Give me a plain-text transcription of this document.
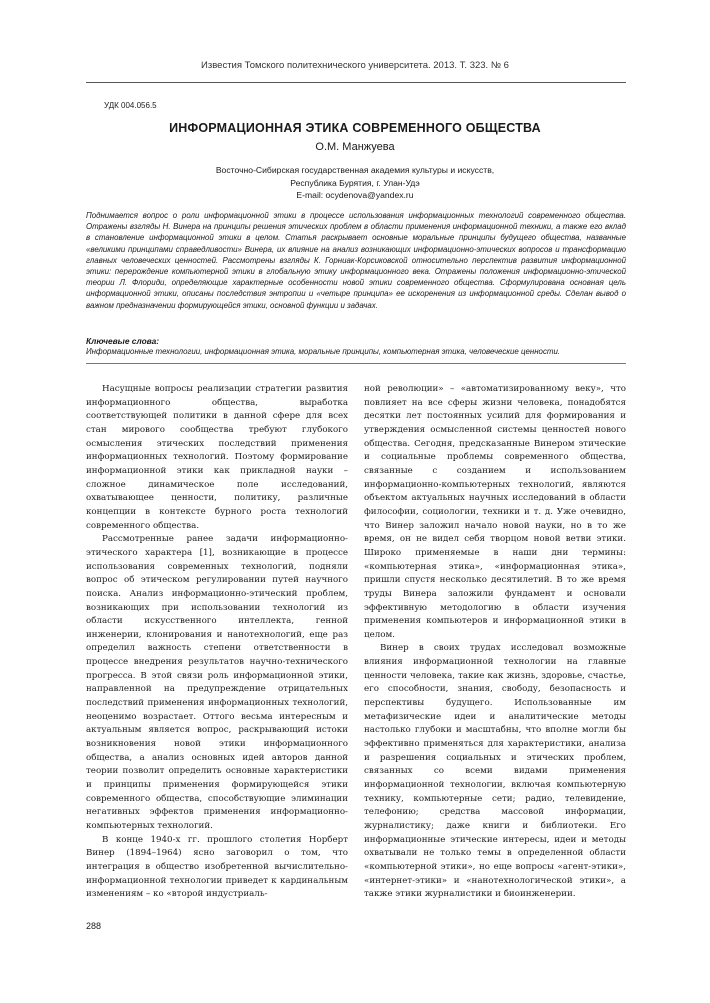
Известия Томского политехнического университета. 2013. Т. 323. № 6
УДК 004.056.5
ИНФОРМАЦИОННАЯ ЭТИКА СОВРЕМЕННОГО ОБЩЕСТВА
О.М. Манжуева
Восточно-Сибирская государственная академия культуры и искусств,
Республика Бурятия, г. Улан-Удэ
E-mail: ocydenova@yandex.ru

Поднимается вопрос о роли информационной этики в процессе использования информационных технологий современного общества. Отражены взгляды Н. Винера на принципы решения этических проблем в области применения информационной техники, а также его вклад в становление информационной этики в целом. Статья раскрывает основные моральные принципы будущего общества, названные «великими принципами справедливости» Винера, их влияние на анализ возникающих информационно-этических вопросов и трансформацию главных человеческих ценностей. Рассмотрены взгляды К. Горниак-Корсиковской относительно перспектив развития информационной этики: перерождение компьютерной этики в глобальную этику информационного века. Отражены положения информационно-этической теории Л. Флориди, определяющие характерные особенности новой этики современного общества. Сформулирована основная цель информационной этики, описаны последствия энтропии и «четыре принципа» ее искоренения из информационной среды. Сделан вывод о важном предназначении формирующейся этики, основной функции и задачах.

Ключевые слова:
Информационные технологии, информационная этика, моральные принципы, компьютерная этика, человеческие ценности.

Насущные вопросы реализации стратегии развития информационного общества, выработка соответствующей политики в данной сфере для всех стан мирового сообщества требуют глубокого осмысления этических последствий применения информационных технологий. Поэтому формирование информационной этики как прикладной науки – сложное динамическое поле исследований, охватывающее ценности, политику, различные концепции в контексте бурного роста технологий современного общества.

Рассмотренные ранее задачи информационно-этического характера [1], возникающие в процессе использования современных технологий, подняли вопрос об этическом регулировании путей научного поиска. Анализ информационно-этический проблем, возникающих при использовании технологий из области искусственного интеллекта, генной инженерии, клонирования и нанотехнологий, еще раз определил важность степени ответственности в процессе внедрения результатов научно-технического прогресса. В этой связи роль информационной этики, направленной на предупреждение отрицательных последствий применения информационных технологий, неоценимо возрастает. Оттого весьма интересным и актуальным является вопрос, раскрывающий истоки возникновения новой этики информационного общества, а анализ основных идей авторов данной теории позволит определить основные характеристики и принципы применения формирующейся этики современного общества, способствующие элиминации негативных эффектов применения информационно-компьютерных технологий.

В конце 1940-х гг. прошлого столетия Норберт Винер (1894–1964) ясно заговорил о том, что интеграция в общество изобретенной вычислительно-информационной технологии приведет к кардинальным изменениям – ко «второй индустриаль-

ной революции» – «автоматизированному веку», что повлияет на все сферы жизни человека, понадобятся десятки лет постоянных усилий для формирования и утверждения осмысленной системы ценностей нового общества. Сегодня, предсказанные Винером этические и социальные проблемы современного общества, связанные с созданием и использованием информационно-компьютерных технологий, являются объектом актуальных научных исследований в области философии, социологии, техники и т. д. Уже очевидно, что Винер заложил начало новой науки, но в то же время, он не видел себя творцом новой ветви этики. Широко применяемые в наши дни термины: «компьютерная этика», «информационная этика», пришли спустя несколько десятилетий. В то же время труды Винера заложили фундамент и основали эффективную методологию в области изучения применения компьютеров и информационной этики в целом.

Винер в своих трудах исследовал возможные влияния информационной технологии на главные ценности человека, такие как жизнь, здоровье, счастье, его способности, знания, свободу, безопасность и перспективы будущего. Использованные им метафизические идеи и аналитические методы настолько глубоки и масштабны, что вполне могли бы эффективно применяться для характеристики, анализа и разрешения социальных и этических проблем, связанных со всеми видами применения информационной технологии, включая компьютерную технику, компьютерные сети; радио, телевидение, телефонию; средства массовой информации, журналистику; даже книги и библиотеки. Его информационные этические интересы, идеи и методы охватывали не только темы в определенной области «компьютерной этики», но еще вопросы «агент-этики», «интернет-этики» и «нанотехнологической этики», а также этики журналистики и биоинженерии.

288
